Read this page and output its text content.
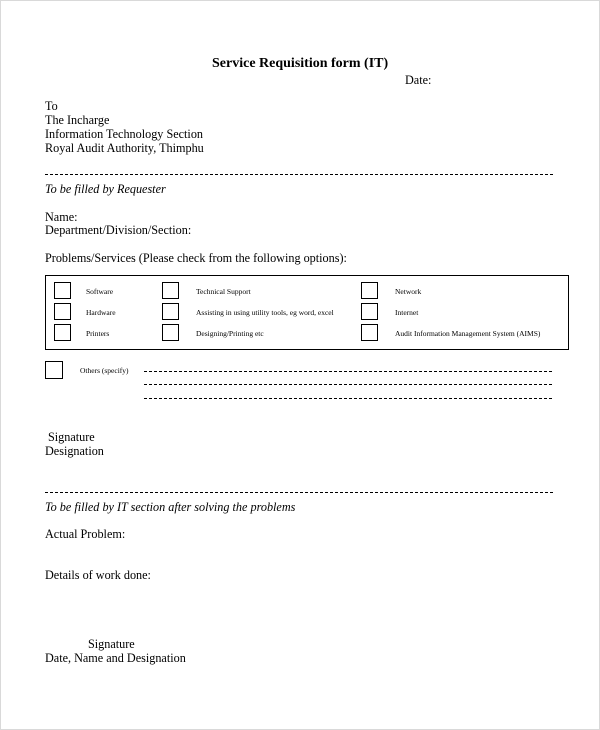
Service Requisition form (IT)
Date:
To
The Incharge
Information Technology Section
Royal Audit Authority, Thimphu
To be filled by Requester
Name:
Department/Division/Section:
Problems/Services (Please check from the following options):
Software
Hardware
Printers
Technical Support
Assisting in using utility tools, eg word, excel
Designing/Printing etc
Network
Internet
Audit Information Management System (AIMS)
Others (specify)
Signature
Designation
To be filled by IT section after solving the problems
Actual Problem:
Details of work done:
Signature
Date, Name and Designation
